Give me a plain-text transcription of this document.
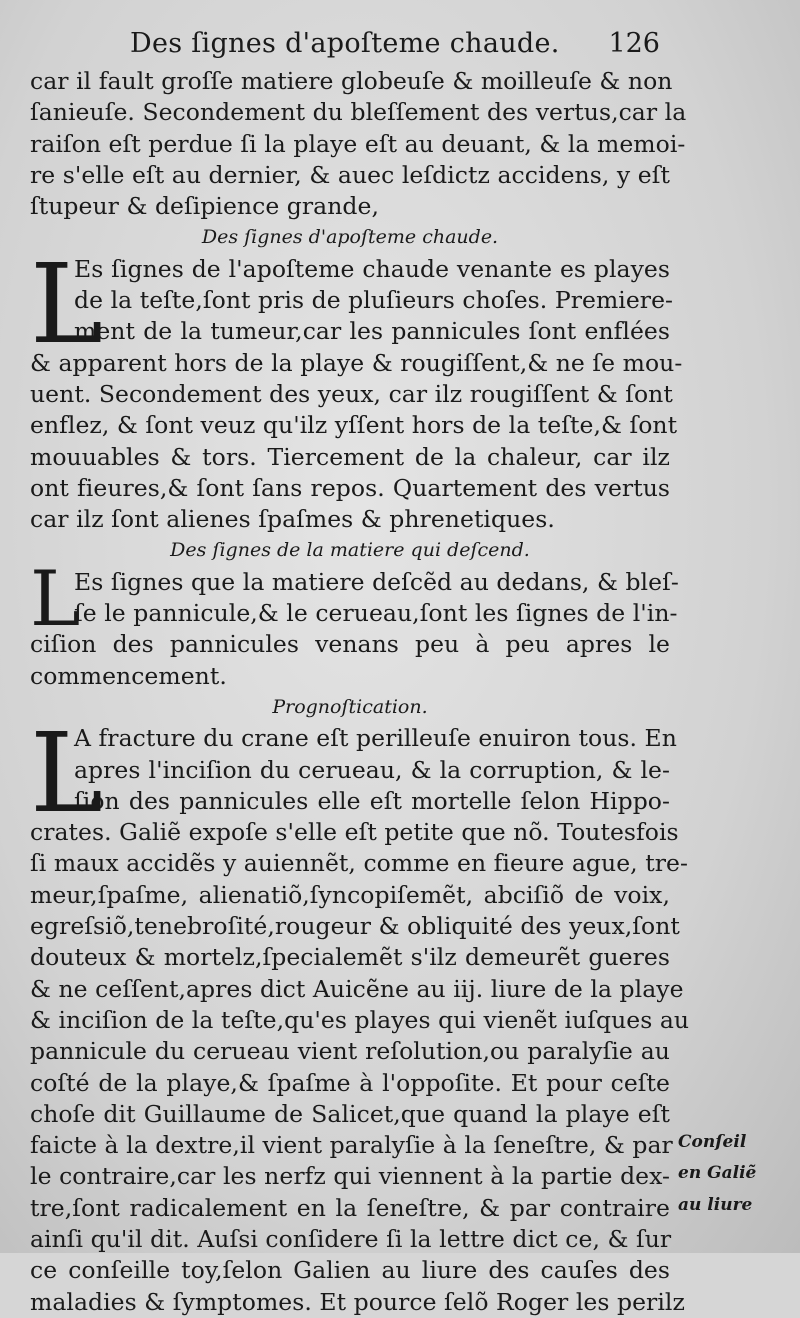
Des ſignes d'apoſteme chaude. 126
car il fault groſſe matiere globeuſe & moilleuſe & non
ſanieuſe. Secondement du bleſſement des vertus,car la
raiſon eſt perdue ſi la playe eſt au deuant, & la memoi-
re s'elle eſt au dernier, & auec leſdictz accidens, y eſt
ſtupeur & deſipience grande,
Des ſignes d'apoſteme chaude.
L
Es ſignes de l'apoſteme chaude venante es playes
de la teſte,ſont pris de pluſieurs choſes. Premiere-
ment de la tumeur,car les pannicules ſont enflées
& apparent hors de la playe & rougiſſent,& ne ſe mou-
uent. Secondement des yeux, car ilz rougiſſent & ſont
enflez, & ſont veuz qu'ilz yſſent hors de la teſte,& ſont
mouuables & tors. Tiercement de la chaleur, car ilz
ont fieures,& ſont ſans repos. Quartement des vertus
car ilz ſont alienes ſpaſmes & phrenetiques.
Des ſignes de la matiere qui deſcend.
L
Es ſignes que la matiere deſcẽd au dedans, & bleſ-
ſe le pannicule,& le cerueau,ſont les ſignes de l'in-
ciſion des pannicules venans peu à peu apres le
commencement.
Prognoſtication.
L
A fracture du crane eſt perilleuſe enuiron tous. En
apres l'inciſion du cerueau, & la corruption, & le-
ſion des pannicules elle eſt mortelle ſelon Hippo-
crates. Galiẽ expoſe s'elle eſt petite que nõ. Toutesfois
ſi maux accidẽs y auiennẽt, comme en fieure ague, tre-
meur,ſpaſme, alienatiõ,ſyncopiſemẽt, abciſiõ de voix,
egreſsiõ,tenebroſité,rougeur & obliquité des yeux,ſont
douteux & mortelz,ſpecialemẽt s'ilz demeurẽt gueres
& ne ceſſent,apres dict Auicẽne au iij. liure de la playe
& inciſion de la teſte,qu'es playes qui vienẽt iuſques au
pannicule du cerueau vient reſolution,ou paralyſie au
coſté de la playe,& ſpaſme à l'oppoſite. Et pour ceſte
choſe dit Guillaume de Salicet,que quand la playe eſt
faicte à la dextre,il vient paralyſie à la ſeneſtre, & par
le contraire,car les nerfz qui viennent à la partie dex-
tre,ſont radicalement en la ſeneſtre, & par contraire
ainſi qu'il dit. Auſsi conſidere ſi la lettre dict ce, & ſur
ce conſeille toy,ſelon Galien au liure des cauſes des
maladies & ſymptomes. Et pource ſelõ Roger les perilz
Conſeil
en Galiẽ
au liure
